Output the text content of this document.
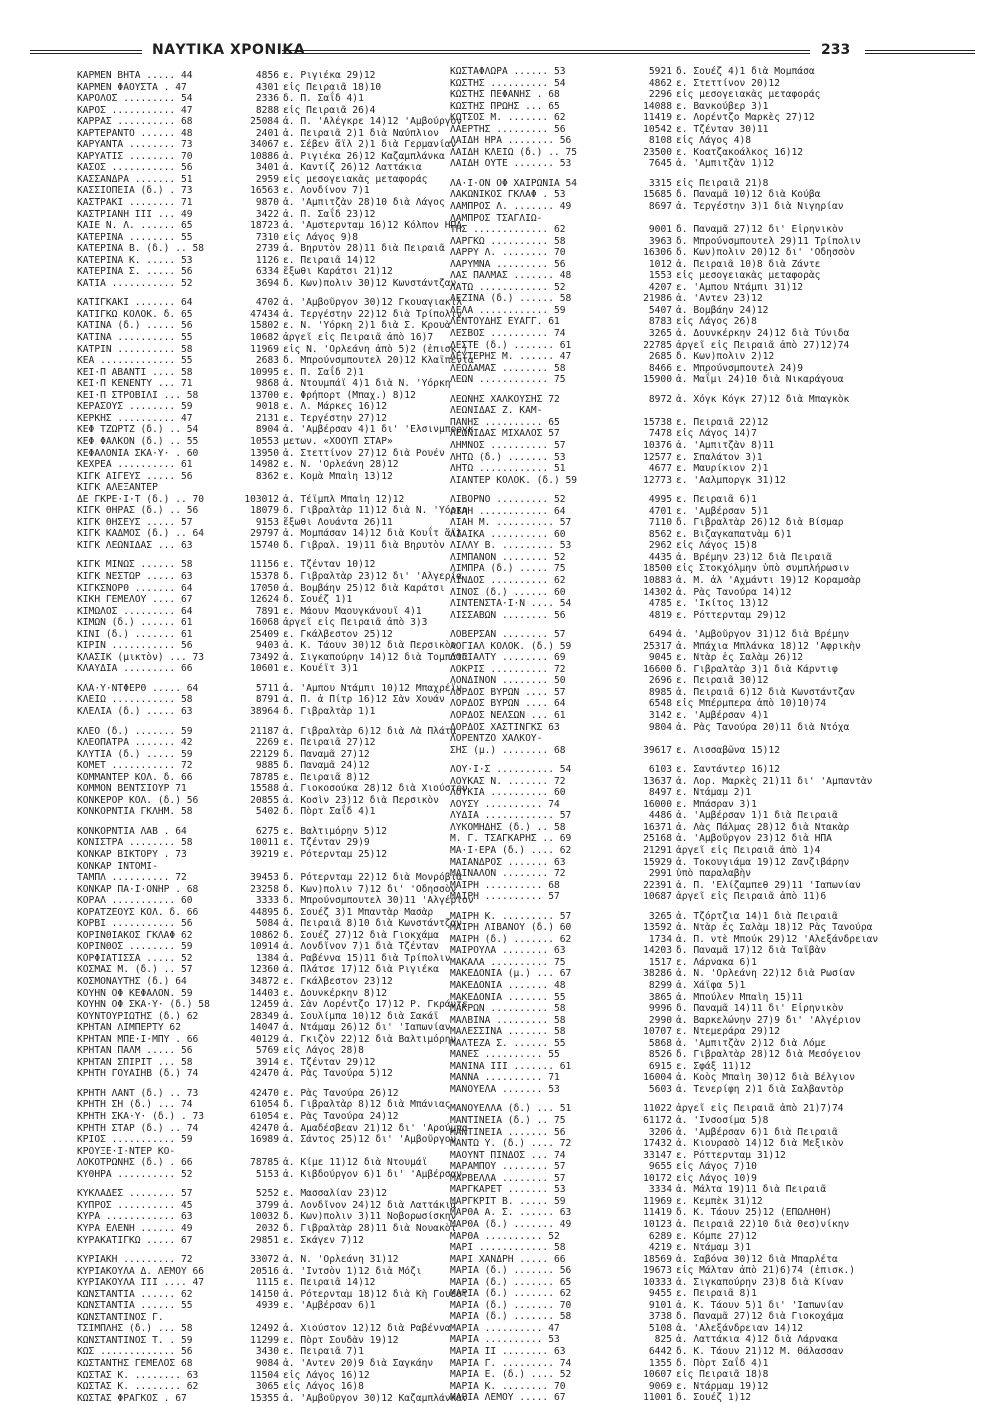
ΝΑΥΤΙΚΑ ΧΡΟΝΙΚΑ	233
ΚΑΡΜΕΝ ΒΗΤΑ ..... 44	4856 ε. Ριγιέκα 29)12
ΚΑΡΜΕΝ ΦΑΟΥΣΤΑ . 47	4301 εἰς Πειραιᾶ 18)10
ΚΑΡΟΛΟΣ ......... 54	2336 δ. Π. Σαΐδ 4)1
ΚΑΡΟΣ ........... 47	8288 εἰς Πειραιᾶ 26)4
ΚΑΡΡΑΣ .......... 68	25084 ἀ. Π. 'Αλέγκρε 14)12 'Αμβούργον
ΚΑΡΤΕΡΑΝΤΟ ...... 48	2401 ἀ. Πειραιᾶ 2)1 διὰ Ναύπλιον
ΚΑΡΥΑΝΤΑ ........ 73	34067 ε. Σέβεν ἄϊλ 2)1 διὰ Γερμανίαν
ΚΑΡΥΑΤΙΣ ........ 70	10886 ἀ. Ριγιέκα 26)12 Καζαμπλάνκα
ΚΑΣΟΣ ........... 56	3401 ἀ. Καντίζ 26)12 Λαττάκια
ΚΑΣΣΑΝΔΡΑ ....... 51	2959 εἰς μεσογειακὰς μεταφοράς
ΚΑΣΣΙΟΠΕΙΑ (δ.) . 73	16563 ε. Λονδίνον 7)1
ΚΑΣΤΡΑΚΙ ........ 71	9870 ἀ. 'Αμπιτζὰν 28)10 διὰ Λάγος
ΚΑΣΤΡΙΑΝΗ ΙΙΙ ... 49	3422 ἀ. Π. Σαΐδ 23)12
ΚΑΙΕ Ν. Λ. ...... 65	18723 ἀ. 'Αμστερνταμ 16)12 Κόλπον ΗΠΑ
ΚΑΤΕΡΙΝΑ ........ 55	7310 εἰς Λάγος 9)8
ΚΑΤΕΡΙΝΑ Β. (δ.) .. 58	2739 ἀ. Βηρυτὸν 28)11 διὰ Πειραιᾶ
ΚΑΤΕΡΙΝΑ Κ. ..... 53	1126 ε. Πειραιᾶ 14)12
ΚΑΤΕΡΙΝΑ Σ. ..... 56	6334 ἔξωθι Καράτσι 21)12
ΚΑΤΙΑ ........... 52	3694 δ. Κων)πολιν 30)12 Κωνστάντζαν
ΚΑΤΙΓΚΑΚΙ ....... 64	4702 ἀ. 'Αμβοῦργον 30)12 Γκουαγιακὶλ
ΚΑΤΙΓΚΩ ΚΟΛΟΚ. δ. 65	47434 ἀ. Τεργέστην 22)12 διὰ Τρίπολιν
ΚΑΤΙΝΑ (δ.) ..... 56	15802 ε. Ν. 'Υόρκη 2)1 διὰ Σ. Κρουὰ
ΚΑΤΙΝΑ .......... 55	10682 ἀργεῖ εἰς Πειραιᾶ ἀπὸ 16)7
ΚΑΤΡΙΝ .......... 58	11969 εἰς Ν. 'Ορλεάνη ἀπὸ 5)2 (ἐπισκ.)
ΚΕΑ ............. 55	2683 δ. Μπρούνσμπουτελ 20)12 Κλαϊπέντα
ΚΕΙ·Π ΑΒΑΝΤΙ .... 58	10995 ε. Π. Σαΐδ 2)1
ΚΕΙ·Π ΚΕΝΕΝΤΥ ... 71	9868 ἀ. Ντουμπάϊ 4)1 διὰ Ν. 'Υόρκη
ΚΕΙ·Π ΣΤΡΟΒΙΛΙ ... 58	13700 ε. Φρήπορτ (Μπαχ.) 8)12
ΚΕΡΑΣΟΥΣ ........ 59	9018 ε. Λ. Μάρκες 16)12
ΚΕΡΚΗΣ .......... 47	2131 ε. Τεργέστην 27)12
ΚΕΦ ΤΖΩΡΤΖ (δ.) .. 54	8904 ἀ. 'Αμβέρσαν 4)1 δι' 'Ελσινμποργκ
ΚΕΦ ΦΑΛΚΟΝ (δ.) .. 55	10553 μετων. «ΧΟΟΥΠ ΣΤΑΡ»
ΚΕΦΑΛΟΝΙΑ ΣΚΑ·Υ· . 60	13950 ἀ. Στεττίνον 27)12 διὰ Ρουέν
ΚΕΧΡΕΑ .......... 61	14982 ε. Ν. 'Ορλεάνη 28)12
ΚΙΓΚ ΑΙΓΕΥΣ ..... 56	8362 ε. Κομὰ Μπαὶη 13)12
ΚΙΓΚ ΑΛΕΞΑΝΤΕΡ
ΔΕ ΓΚΡΕ·Ι·Τ (δ.) .. 70	103012 ἀ. Τέϊμπλ Μπαὶη 12)12
ΚΙΓΚ ΘΗΡΑΣ (δ.) .. 56	18079 δ. Γιβραλτὰρ 11)12 διὰ Ν. 'Υόρκη
ΚΙΓΚ ΘΗΣΕΥΣ ..... 57	9153 ἔξωθι Λουάντα 26)11
ΚΙΓΚ ΚΑΔΜΟΣ (δ.) .. 64	29797 ἀ. Μομπάσαν 14)12 διὰ Κουΐτ ἄϊλ
ΚΙΓΚ ΛΕΩΝΙΔΑΣ ... 63	15740 δ. Γιβραλ. 19)11 διὰ Βηρυτὸν
ΚΙΓΚ ΜΙΝΩΣ ...... 58	11156 ε. Τζένταν 10)12
ΚΙΓΚ ΝΕΣΤΩΡ ..... 63	15378 δ. Γιβραλτὰρ 23)12 δι' 'Αλγερία
ΚΙΓΚΣΝΟΡΘ ....... 64	17050 ἀ. Βομβάην 25)12 διὰ Καράτσι
ΚΙΚΗ ΓΕΜΕΛΟΥ .... 67	12624 δ. Σουέζ 1)1
ΚΙΜΩΛΟΣ ......... 64	7891 ε. Μάουν Μαουγκάνουϊ 4)1
ΚΙΜΩΝ (δ.) ...... 61	16068 ἀργεῖ εἰς Πειραιᾶ ἀπὸ 3)3
ΚΙΝΙ (δ.) ....... 61	25409 ε. Γκάλβεστον 25)12
ΚΙΡΙΝ ........... 56	9403 ἀ. Κ. Τάουν 30)12 διὰ Περσικὸν
ΚΛΑΣΙΚ (μικτὸν) ... 73	73492 ἀ. Σιγκαπούρην 14)12 διὰ Τομπάτα
ΚΛΑΥΔΙΑ ......... 66	10601 ε. Κουέϊτ 3)1
ΚΛΑ·Υ·ΝΤΦΕΡΘ ..... 64	5711 ἀ. 'Αμπου Ντάμπι 10)12 Μπαχρέϊν
ΚΛΕΙΩ ........... 58	8791 ἀ. Π. ἀ Πίτρ 16)12 Σὰν Χουάν
ΚΛΕΛΙΑ (δ.) ..... 63	38964 δ. Γιβραλτὰρ 1)1
ΚΛΕΟ (δ.) ....... 59	21187 ἀ. Γιβραλτὰρ 6)12 διὰ Λὰ Πλάτα
ΚΛΕΟΠΑΤΡΑ ....... 42	2269 ε. Πειραιᾶ 27)12
ΚΛΥΤΙΑ (δ.) ..... 59	22129 δ. Παναμᾶ 27)12
ΚΟΜΕΤ ........... 72	9885 δ. Παναμᾶ 24)12
ΚΟΜΜΑΝΤΕΡ ΚΟΛ. δ. 66	78785 ε. Πειραιᾶ 8)12
ΚΟΜΜΟΝ ΒΕΝΤΣΙΟΥΡ 71	15588 ἀ. Γιοκοσούκα 28)12 διὰ Χιούστον
ΚΟΝΚΕΡΟΡ ΚΟΛ. (δ.) 56	20855 ἀ. Κοσὶν 23)12 διὰ Περσικὸν
ΚΟΝΚΟΡΝΤΙΑ ΓΚΛΗΜ. 58	5402 δ. Πὸρτ Σαΐδ 4)1
ΚΟΝΚΟΡΝΤΙΑ ΛΑΒ . 64	6275 ε. Βαλτιμόρην 5)12
ΚΟΝΙΣΤΡΑ ........ 58	10011 ε. Τζένταν 29)9
ΚΟΝΚΑΡ ΒΙΚΤΟΡΥ . 73	39219 ε. Ρότερνταμ 25)12
ΚΟΝΚΑΡ ΙΝΤΟΜΙ-
ΤΑΜΠΛ .......... 72	39453 δ. Ρότερνταμ 22)12 διὰ Μονρόβια
ΚΟΝΚΑΡ ΠΑ·Ι·ΟΝΗΡ . 68	23258 δ. Κων)πολιν 7)12 δι' 'Οδησσὸν
ΚΟΡΑΛ ........... 60	3333 δ. Μπρούνσμπουτελ 30)11 'Αλγέριον
ΚΟΡΑΤΖΕΟΥΣ ΚΟΛ. δ. 66	44895 δ. Σουέζ 3)1 Μπαντὰρ Μασὰρ
ΚΟΡΒΙ ........... 56	5084 ἀ. Πειραιᾶ 8)10 διὰ Κωνστάντζαν
ΚΟΡΙΝΘΙΑΚΟΣ ΓΚΛΑΦ 62	10862 δ. Σουέζ 27)12 διὰ Γιοκχάμα
ΚΟΡΙΝΘΟΣ ........ 59	10914 ἀ. Λονδῖνον 7)1 διὰ Τζένταν
ΚΟΡΦΙΑΤΙΣΣΑ ..... 52	1384 ἀ. Ραβέννα 15)11 διὰ Τρίπολιν
ΚΟΣΜΑΣ Μ. (δ.) .. 57	12360 ἀ. Πλάτσε 17)12 διὰ Ριγιέκα
ΚΟΣΜΟΝΑΥΤΗΣ (δ.) 64	34872 ε. Γκάλβεστον 23)12
ΚΟΥΗΝ ΟΦ ΚΕΦΑΛΟΝ. 59	14403 ε. Δουνκέρκην 8)12
ΚΟΥΗΝ ΟΦ ΣΚΑ·Υ· (δ.) 58	12459 ἀ. Σὰν Λορέντζο 17)12 Ρ. Γκράντε
ΚΟΥΝΤΟΥΡΙΩΤΗΣ (δ.) 62	28349 ἀ. Σουλίμπα 10)12 διὰ Σακάϊ
ΚΡΗΤΑΝ ΛΙΜΠΕΡΤΥ 62	14047 ἀ. Ντάμαμ 26)12 δι' 'Ιαπωνίαν
ΚΡΗΤΑΝ ΜΠΕ·Ι·ΜΠΥ . 66	40129 ἀ. Γκιζὸν 22)12 διὰ Βαλτιμόρην
ΚΡΗΤΑΝ ΠΑΛΜ ..... 56	5769 εἰς Λάγος 28)8
ΚΡΗΤΑΝ ΣΠΙΡΙΤ ... 58	3914 ε. Τζένταν 29)12
ΚΡΗΤΗ ΓΟΥΑΙΗΒ (δ.) 74	42470 ἀ. Ρὰς Τανούρα 5)12
ΚΡΗΤΗ ΛΑΝΤ (δ.) .. 73	42470 ε. Ρὰς Τανούρα 26)12
ΚΡΗΤΗ ΣΗ (δ.) ... 74	61054 δ. Γιβραλτὰρ 8)12 διὰ Μπάνιας
ΚΡΗΤΗ ΣΚΑ·Υ· (δ.) . 73	61054 ε. Ρὰς Τανούρα 24)12
ΚΡΗΤΗ ΣΤΑΡ (δ.) .. 74	42470 ἀ. Αμαδέσβεαν 21)12 δι' 'Αρούμπα
ΚΡΙΟΣ ........... 59	16989 ἀ. Σάντος 25)12 δι' 'Αμβοῦργον
ΚΡΟΥΞΕ·Ι·ΝΤΕΡ ΚΟ-
ΛΟΚΟΤΡΩΝΗΣ (δ.) . 66	78785 ἀ. Κίμε 11)12 διὰ Ντουμάϊ
ΚΥΘΗΡΑ .......... 52	5153 ἀ. Κιβδούργον 6)1 δι' 'Αμβέρσαν
ΚΥΚΛΑΔΕΣ ........ 57	5252 ε. Μασσαλίαν 23)12
ΚΥΠΡΟΣ .......... 45	3799 ἀ. Λονδῖνον 24)12 διὰ Λαττάκια
ΚΥΡΑ ............ 63	10032 δ. Κων)πολιν 3)11 Νοβορωσίσκην
ΚΥΡΑ ΕΛΕΝΗ ...... 49	2032 δ. Γιβραλτὰρ 28)11 διὰ Νουακὸτ
ΚΥΡΑΚΑΤΙΓΚΩ ..... 67	29851 ε. Σκάγεν 7)12
ΚΥΡΙΑΚΗ ......... 72	33072 ἀ. Ν. 'Ορλεάνη 31)12
ΚΥΡΙΑΚΟΥΛΑ Δ. ΛΕΜΟΥ 66	20516 ἀ. 'Ιντσὸν 1)12 διὰ Μόζι
ΚΥΡΙΑΚΟΥΛΑ ΙΙΙ .... 47	1115 ε. Πειραιᾶ 14)12
ΚΩΝΣΤΑΝΤΙΑ ...... 62	14150 ἀ. Ρότερνταμ 18)12 διὰ Κὴ Γουέστ
ΚΩΝΣΤΑΝΤΙΑ ...... 55	4939 ε. 'Αμβέρσαν 6)1
ΚΩΝΣΤΑΝΤΙΝΟΣ Γ.
ΤΣΙΜΠΛΗΣ (δ.) ... 58	12492 ἀ. Χιούστον 12)12 διὰ Ραβέννα
ΚΩΝΣΤΑΝΤΙΝΟΣ Τ. . 59	11299 ε. Πὸρτ Σουδὰν 19)12
ΚΩΣ ............. 56	3430 ε. Πειραιᾶ 7)1
ΚΩΣΤΑΝΤΗΣ ΓΕΜΕΛΟΣ 68	9084 ἀ. 'Αντεν 20)9 διὰ Σαγκάην
ΚΩΣΤΑΣ Κ. ........ 63	11504 εἰς Λάγος 16)12
ΚΩΣΤΑΣ Κ. ........ 62	3065 εἰς Λάγος 16)8
ΚΩΣΤΑΣ ΦΡΑΓΚΟΣ . 67	15355 ἀ. 'Αμβοῦργον 30)12 Καζαμπλάνκαν
ΚΩΣΤΑΦΛΩΡΑ ...... 53	5921 δ. Σουέζ 4)1 διὰ Μομπάσα
ΚΩΣΤΗΣ .......... 54	4862 ε. Στεττίνον 20)12
ΚΩΣΤΗΣ ΠΕΦΑΝΗΣ . 68	2296 εἰς μεσογειακὰς μεταφοράς
ΚΩΣΤΗΣ ΠΡΩΗΣ ... 65	14088 ε. Βανκούβερ 3)1
ΚΩΤΣΟΣ Μ. ....... 62	11419 ε. Λορέντζο Μαρκὲς 27)12
ΛΑΕΡΤΗΣ ......... 56	10542 ε. Τζένταν 30)11
ΛΑΙΔΗ ΗΡΑ ........ 56	8108 εἰς Λάγος 4)8
ΛΑΙΔΗ ΚΛΕΙΩ (δ.) .. 75	23500 ε. Κοατζακοάλκος 16)12
ΛΑΙΔΗ ΟΥΤΕ ....... 53	7645 ἀ. 'Αμπιτζὰν 1)12
ΛΑ·Ι·ΟΝ ΟΦ ΧΑΙΡΩΝΙΑ 54	3315 εἰς Πειραιᾶ 21)8
ΛΑΚΩΝΙΚΟΣ ΓΚΛΑΦ . 53	15685 δ. Παναμᾶ 10)12 διὰ Κούβα
ΛΑΜΠΡΟΣ Λ. ....... 49	8697 ἀ. Τεργέστην 3)1 διὰ Νιγηρίαν
ΛΑΜΠΡΟΣ ΤΣΑΓΛΙΩ-
ΤΗΣ ............. 62	9001 δ. Παναμᾶ 27)12 δι' Εἰρηνικὸν
ΛΑΡΓΚΩ .......... 58	3963 δ. Μπρούνσμπουτελ 29)11 Τρίπολιν
ΛΑΡΡΥ Λ. ........ 70	16306 δ. Κων)πολιν 20)12 δι' 'Οδησσὸν
ΛΑΡΥΜΝΑ ......... 56	1012 ἀ. Πειραιᾶ 10)8 διὰ Ζάντε
ΛΑΣ ΠΑΛΜΑΣ ....... 48	1553 εἰς μεσογειακὰς μεταφορὰς
ΛΑΤΩ ............ 52	4207 ε. 'Αμπου Ντάμπι 31)12
ΛΕΖΙΝΑ (δ.) ...... 58	21986 ἀ. 'Αντεν 23)12
ΛΕΛΑ ............ 59	5407 ἀ. Βομβάην 24)12
ΛΕΝΤΟΥΔΗΣ ΕΥΑΓΓ. 61	8783 εἰς Λάγος 26)8
ΛΕΣΒΟΣ .......... 74	3265 ἀ. Δουνκέρκην 24)12 διὰ Τύνιδα
ΛΕΣΤΕ (δ.) ....... 61	22785 ἀργεῖ εἰς Πειραιᾶ ἀπὸ 27)12)74
ΛΕΥΤΕΡΗΣ Μ. ...... 47	2685 δ. Κων)πολιν 2)12
ΛΕΩΔΑΜΑΣ ........ 58	8466 ε. Μπρούνσμπουτελ 24)9
ΛΕΩΝ ............ 75	15900 ἀ. Μαΐμι 24)10 διὰ Νικαράγουα
ΛΕΩΝΗΣ ΧΑΛΚΟΥΣΗΣ 72	8972 ἀ. Χόγκ Κόγκ 27)12 διὰ Μπαγκὸκ
ΛΕΩΝΙΔΑΣ Ζ. ΚΑΜ-
ΠΑΝΗΣ .......... 65	15738 ε. Πειραιᾶ 22)12
ΛΕΩΝΙΔΑΣ ΜΙΧΑΛΟΣ 57	7478 εἰς Λάγος 14)7
ΛΗΜΝΟΣ .......... 57	10376 ἀ. 'Αμπιτζὰν 8)11
ΛΗΤΩ (δ.) ....... 53	12577 ε. Σπαλάτον 3)1
ΛΗΤΩ ............ 51	4677 ε. Μαυρίκιον 2)1
ΛΙΑΝΤΕΡ ΚΟΛΟΚ. (δ.) 59	12773 ε. 'Ααλμποργκ 31)12
ΛΙΒΟΡΝΟ ......... 52	4995 ε. Πειραιᾶ 6)1
ΛΙΑΗ ............ 64	4701 ε. 'Αμβέρσαν 5)1
ΛΙΑΗ Μ. .......... 57	7110 δ. Γιβραλτὰρ 26)12 διὰ Βίσμαρ
ΛΙΑΙΚΑ .......... 60	8562 ε. Βιζαγκαπατνὰμ 6)1
ΛΙΛΛΥ Β. ......... 53	2962 εἰς Λάγος 15)8
ΛΙΜΠΑΝΟΝ ........ 52	4435 ἀ. Βρέμην 23)12 διὰ Πειραιᾶ
ΛΙΜΠΡΑ (δ.) ..... 75	18500 εἰς Στοκχόλμην ὑπὸ συμπλήρωσιν
ΛΙΝΔΟΣ .......... 62	10883 ἀ. Μ. ἀλ 'Αχμάντι 19)12 Κοραμσὰρ
ΛΙΝΟΣ (δ.) ...... 60	14302 ἀ. Ρὰς Τανούρα 14)12
ΛΙΝΤΕΝΣΤΑ·Ι·Ν .... 54	4785 ε. 'Ικίτος 13)12
ΛΙΣΣΑΒΩΝ ........ 56	4819 ε. Ρόττερνταμ 29)12
ΛΟΒΕΡΣΑΝ ........ 57	6494 ἀ. 'Αμβοῦργον 31)12 διὰ Βρέμην
ΛΟΓΙΑΛ ΚΟΛΟΚ. (δ.) 59	25317 ἀ. Μπάχια Μπλάνκα 18)12 'Αφρικὴν
ΛΟΓΙΑΛΤΥ ........ 69	9045 ε. Ντὰρ ἐς Σαλὰμ 26)12
ΛΟΚΡΙΣ .......... 72	16600 δ. Γιβραλτὰρ 3)1 διὰ Κάρντιφ
ΛΟΝΔΙΝΟΝ ........ 50	2696 ε. Πειραιᾶ 30)12
ΛΟΡΔΟΣ ΒΥΡΩΝ .... 57	8985 ἀ. Πειραιᾶ 6)12 διὰ Κωνστάντζαν
ΛΟΡΔΟΣ ΒΥΡΩΝ .... 64	6548 εἰς Μπέρμπερα ἀπὸ 10)10)74
ΛΟΡΔΟΣ ΝΕΛΣΩΝ ... 61	3142 ε. 'Αμβέρσαν 4)1
ΛΟΡΔΟΣ ΧΑΣΤΙΝΓΚΣ 63	9804 ἀ. Ρὰς Τανούρα 20)11 διὰ Ντόχα
ΛΟΡΕΝΤΖΟ ΧΑΛΚΟΥ-
ΣΗΣ (μ.) ........ 68	39617 ε. Λισσαβῶνα 15)12
ΛΟΥ·Ι·Σ .......... 54	6103 ε. Σαντάντερ 16)12
ΛΟΥΚΑΣ Ν. ....... 72	13637 ἀ. Λορ. Μαρκὲς 21)11 δι' 'Αμπαντὰν
ΛΟΥΚΙΑ .......... 60	8497 ε. Ντάμαμ 2)1
ΛΟΥΣΥ .......... 74	16000 ε. Μπάσραν 3)1
ΛΥΔΙΑ ............ 57	4486 ἀ. 'Αμβέρσαν 1)1 διὰ Πειραιᾶ
ΛΥΚΟΜΗΔΗΣ (δ.) .. 58	16371 ἀ. Λὰς Πάλμας 28)12 διὰ Ντακὰρ
Μ. Γ. ΤΣΑΓΚΑΡΗΣ .. 69	25168 ἀ. 'Αμβοῦργον 23)12 διὰ ΗΠΑ
ΜΑ·Ι·ΕΡΑ (δ.) .... 62	21291 ἀργεῖ εἰς Πειραιᾶ ἀπὸ 1)4
ΜΑΙΑΝΔΡΟΣ ....... 63	15929 ἀ. Τοκουγιάμα 19)12 Ζανζιβάρην
ΜΑΙΝΑΛΟΝ ........ 72	2991 ὑπὸ παραλαβὴν
ΜΑΙΡΗ .......... 68	22391 ἀ. Π. 'Ελίζαμπεθ 29)11 'Ιαπωνίαν
ΜΑΙΡΗ .......... 57	10687 ἀργεῖ εἰς Πειραιᾶ ἀπὸ 11)6
ΜΑΙΡΗ Κ. ......... 57	3265 ἀ. Τζόρτζια 14)1 διὰ Πειραιᾶ
ΜΑΙΡΗ ΛΙΒΑΝΟΥ (δ.) 60	13592 ἀ. Ντὰρ ἐς Σαλὰμ 18)12 Ρὰς Τανούρα
ΜΑΙΡΗ (δ.) ....... 62	1734 ἀ. Π. ντὲ Μπούκ 29)12 'Αλεξάνδρειαν
ΜΑΙΡΟΥΛΑ ........ 63	14203 δ. Παναμᾶ 17)12 διὰ Ταϊβὰν
ΜΑΚΑΛΑ .......... 75	1517 ε. Λάρνακα 6)1
ΜΑΚΕΔΟΝΙΑ (μ.) ... 67	38286 ἀ. Ν. 'Ορλεάνη 22)12 διὰ Ρωσίαν
ΜΑΚΕΔΟΝΙΑ ....... 48	8299 ἀ. Χάϊφα 5)1
ΜΑΚΕΔΟΝΙΑ ....... 55	3865 ἀ. Μπούλεν Μπαὶη 15)11
ΜΑΚΡΩΝ .......... 58	9996 δ. Παναμᾶ 14)11 δι' Εἰρηνικὸν
ΜΑΛΒΙΝΑ ......... 58	2990 ἀ. Βαρκελώνην 27)9 δι' 'Αλγέριον
ΜΑΛΕΣΣΙΝΑ ....... 58	10707 ε. Ντεμεράρα 29)12
ΜΑΛΤΕΖΑ Σ. ...... 55	5868 ἀ. 'Αμπιτζὰν 2)12 διὰ Λόμε
ΜΑΝΕΣ .......... 55	8526 δ. Γιβραλτὰρ 28)12 διὰ Μεσόγειον
ΜΑΝΙΝΑ ΙΙΙ ....... 61	6915 ε. Σφάξ 11)12
ΜΑΝΝΑ .......... 71	16004 ἀ. Κοὸς Μπαὶη 30)12 διὰ Βέλγιον
ΜΑΝΟΥΕΛΑ ....... 53	5603 ἀ. Τενερίφη 2)1 διὰ Σαλβαντὸρ
ΜΑΝΟΥΕΛΛΑ (δ.) ... 51	11022 ἀργεῖ εἰς Πειραιᾶ ἀπὸ 21)7)74
ΜΑΝΤΙΝΕΙΑ (δ.) .. 75	61172 ἀ. 'Ινσοσίμα 5)8
ΜΑΝΤΙΝΕΙΑ ....... 56	3206 ἀ. 'Αμβέρσαν 6)1 διὰ Πειραιᾶ
ΜΑΝΤΩ Υ. (δ.) .... 72	17432 ἀ. Κιουρασὸ 14)12 διὰ Μεξικὸν
ΜΑΟΥΝΤ ΠΙΝΔΟΣ ... 74	33147 ε. Ρόττερνταμ 31)12
ΜΑΡΑΜΠΟΥ ........ 57	9655 εἰς Λάγος 7)10
ΜΑΡΒΕΛΛΑ ........ 57	10172 εἰς Λάγος 10)9
ΜΑΡΓΚΑΡΕΤ ....... 53	3334 ἀ. Μάλτα 19)11 διὰ Πειραιᾶ
ΜΑΡΓΚΡΙΤ Β. ..... 59	11969 ε. Κεμπὲκ 31)12
ΜΑΡΘΑ Α. Σ. ...... 63	11419 δ. Κ. Τάουν 25)12 (ΕΠΩΛΗΘΗ)
ΜΑΡΘΑ (δ.) ....... 49	10123 ἀ. Πειραιᾶ 22)10 διὰ Θεσ)νίκην
ΜΑΡΘΑ .......... 52	6289 ε. Κόμπε 27)12
ΜΑΡΙ ............ 58	4219 ε. Ντάμαμ 3)1
ΜΑΡΙ ΧΑΝΔΡΗ ..... 66	18569 ἀ. Σαβόνα 30)12 διὰ Μπαρλέτα
ΜΑΡΙΑ (δ.) ....... 56	19673 εἰς Μάλταν ἀπὸ 21)6)74 (ἐπισκ.)
ΜΑΡΙΑ (δ.) ....... 65	10333 ἀ. Σιγκαπούρην 23)8 διὰ Κίναν
ΜΑΡΙΑ (δ.) ....... 62	9455 ε. Πειραιᾶ 8)1
ΜΑΡΙΑ (δ.) ....... 70	9101 ἀ. Κ. Τάουν 5)1 δι' 'Ιαπωνίαν
ΜΑΡΙΑ (δ.) ....... 58	3738 δ. Παναμᾶ 27)12 διὰ Γιοκοχάμα
ΜΑΡΙΑ .......... 47	5108 ἀ. 'Αλεξάνδρειαν 14)12
ΜΑΡΙΑ .......... 53	825 ἀ. Λαττάκια 4)12 διὰ Λάρνακα
ΜΑΡΙΑ ΙΙ ........ 63	6442 δ. Κ. Τάουν 21)12 Μ. Θάλασσαν
ΜΑΡΙΑ Γ. ......... 74	1355 δ. Πὸρτ Σαΐδ 4)1
ΜΑΡΙΑ Ε. (δ.) .... 52	10607 εἰς Πειραιᾶ 18)8
ΜΑΡΙΑ Κ. ........ 70	9069 ε. Ντάρμαμ 19)12
ΜΑΡΙΑ ΛΕΜΟΥ ..... 67	11001 δ. Σουέζ 1)12
